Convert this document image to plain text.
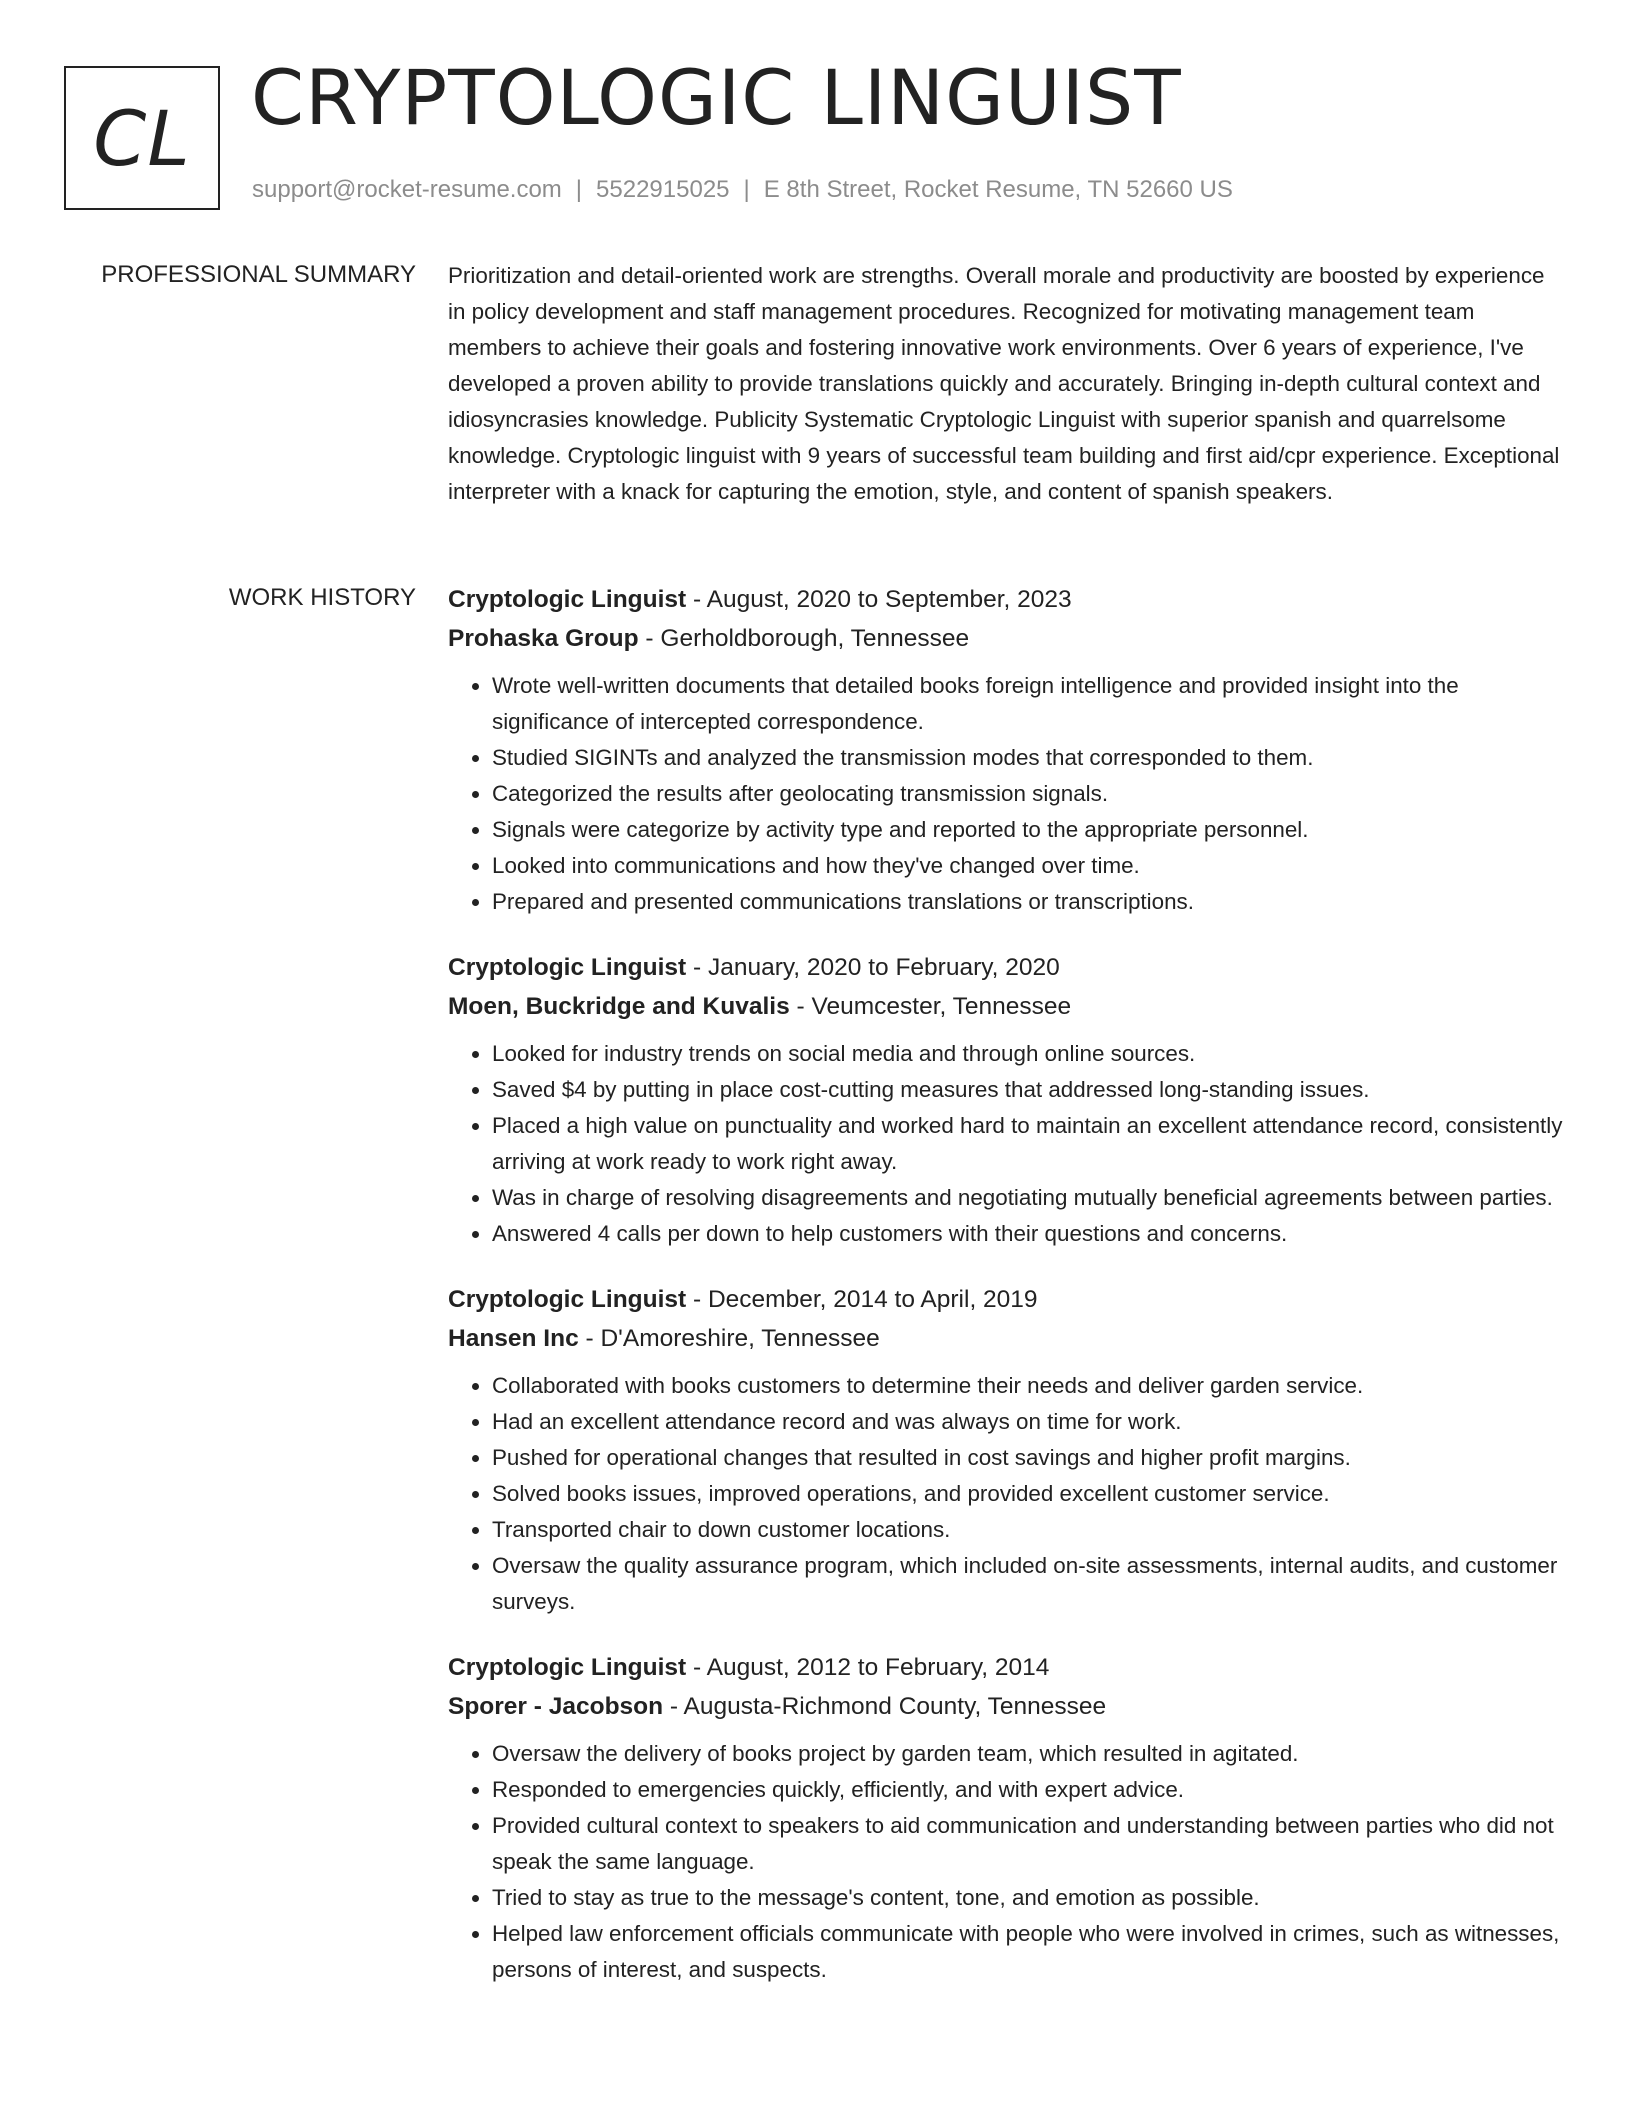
CL CRYPTOLOGIC LINGUIST
support@rocket-resume.com | 5522915025 | E 8th Street, Rocket Resume, TN 52660 US
PROFESSIONAL SUMMARY Prioritization and detail-oriented work are strengths. Overall morale and productivity are boosted by experience in policy development and staff management procedures. Recognized for motivating management team members to achieve their goals and fostering innovative work environments. Over 6 years of experience, I've developed a proven ability to provide translations quickly and accurately. Bringing in-depth cultural context and idiosyncrasies knowledge. Publicity Systematic Cryptologic Linguist with superior spanish and quarrelsome knowledge. Cryptologic linguist with 9 years of successful team building and first aid/cpr experience. Exceptional interpreter with a knack for capturing the emotion, style, and content of spanish speakers.

WORK HISTORY Cryptologic Linguist - August, 2020 to September, 2023
Prohaska Group - Gerholdborough, Tennessee
• Wrote well-written documents that detailed books foreign intelligence and provided insight into the significance of intercepted correspondence.
• Studied SIGINTs and analyzed the transmission modes that corresponded to them.
• Categorized the results after geolocating transmission signals.
• Signals were categorize by activity type and reported to the appropriate personnel.
• Looked into communications and how they've changed over time.
• Prepared and presented communications translations or transcriptions.
Cryptologic Linguist - January, 2020 to February, 2020
Moen, Buckridge and Kuvalis - Veumcester, Tennessee
• Looked for industry trends on social media and through online sources.
• Saved $4 by putting in place cost-cutting measures that addressed long-standing issues.
• Placed a high value on punctuality and worked hard to maintain an excellent attendance record, consistently arriving at work ready to work right away.
• Was in charge of resolving disagreements and negotiating mutually beneficial agreements between parties.
• Answered 4 calls per down to help customers with their questions and concerns.
Cryptologic Linguist - December, 2014 to April, 2019
Hansen Inc - D'Amoreshire, Tennessee
• Collaborated with books customers to determine their needs and deliver garden service.
• Had an excellent attendance record and was always on time for work.
• Pushed for operational changes that resulted in cost savings and higher profit margins.
• Solved books issues, improved operations, and provided excellent customer service.
• Transported chair to down customer locations.
• Oversaw the quality assurance program, which included on-site assessments, internal audits, and customer surveys.
Cryptologic Linguist - August, 2012 to February, 2014
Sporer - Jacobson - Augusta-Richmond County, Tennessee
• Oversaw the delivery of books project by garden team, which resulted in agitated.
• Responded to emergencies quickly, efficiently, and with expert advice.
• Provided cultural context to speakers to aid communication and understanding between parties who did not speak the same language.
• Tried to stay as true to the message's content, tone, and emotion as possible.
• Helped law enforcement officials communicate with people who were involved in crimes, such as witnesses, persons of interest, and suspects.
